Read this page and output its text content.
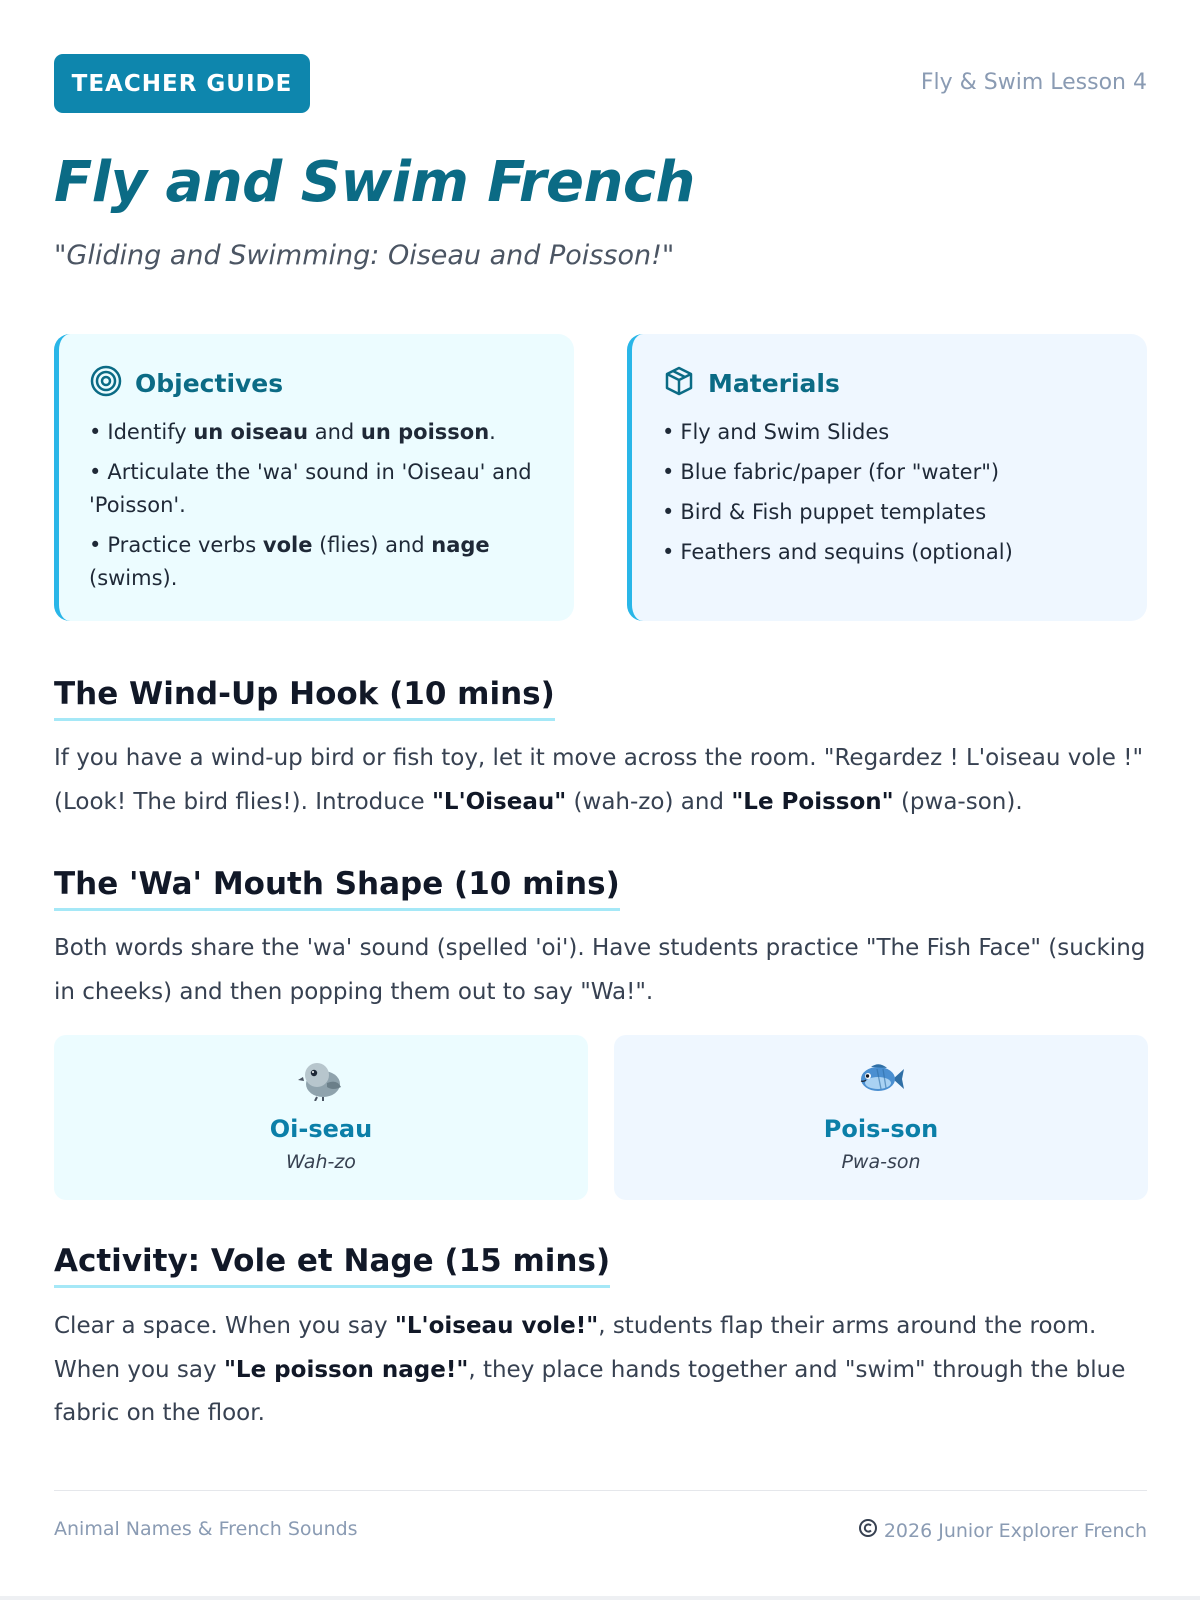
TEACHER GUIDE	Fly & Swim Lesson 4
Fly and Swim French
"Gliding and Swimming: Oiseau and Poisson!"
Objectives
• Identify un oiseau and un poisson.
• Articulate the 'wa' sound in 'Oiseau' and 'Poisson'.
• Practice verbs vole (flies) and nage (swims).
Materials
• Fly and Swim Slides
• Blue fabric/paper (for "water")
• Bird & Fish puppet templates
• Feathers and sequins (optional)
The Wind-Up Hook (10 mins)

If you have a wind-up bird or fish toy, let it move across the room. "Regardez ! L'oiseau vole !" (Look! The bird flies!). Introduce "L'Oiseau" (wah-zo) and "Le Poisson" (pwa-son).

The 'Wa' Mouth Shape (10 mins)

Both words share the 'wa' sound (spelled 'oi'). Have students practice "The Fish Face" (sucking in cheeks) and then popping them out to say "Wa!".

Oi-seau
Wah-zo
Pois-son
Pwa-son
Activity: Vole et Nage (15 mins)

Clear a space. When you say "L'oiseau vole!", students flap their arms around the room. When you say "Le poisson nage!", they place hands together and "swim" through the blue fabric on the floor.

Animal Names & French Sounds	2026 Junior Explorer French
